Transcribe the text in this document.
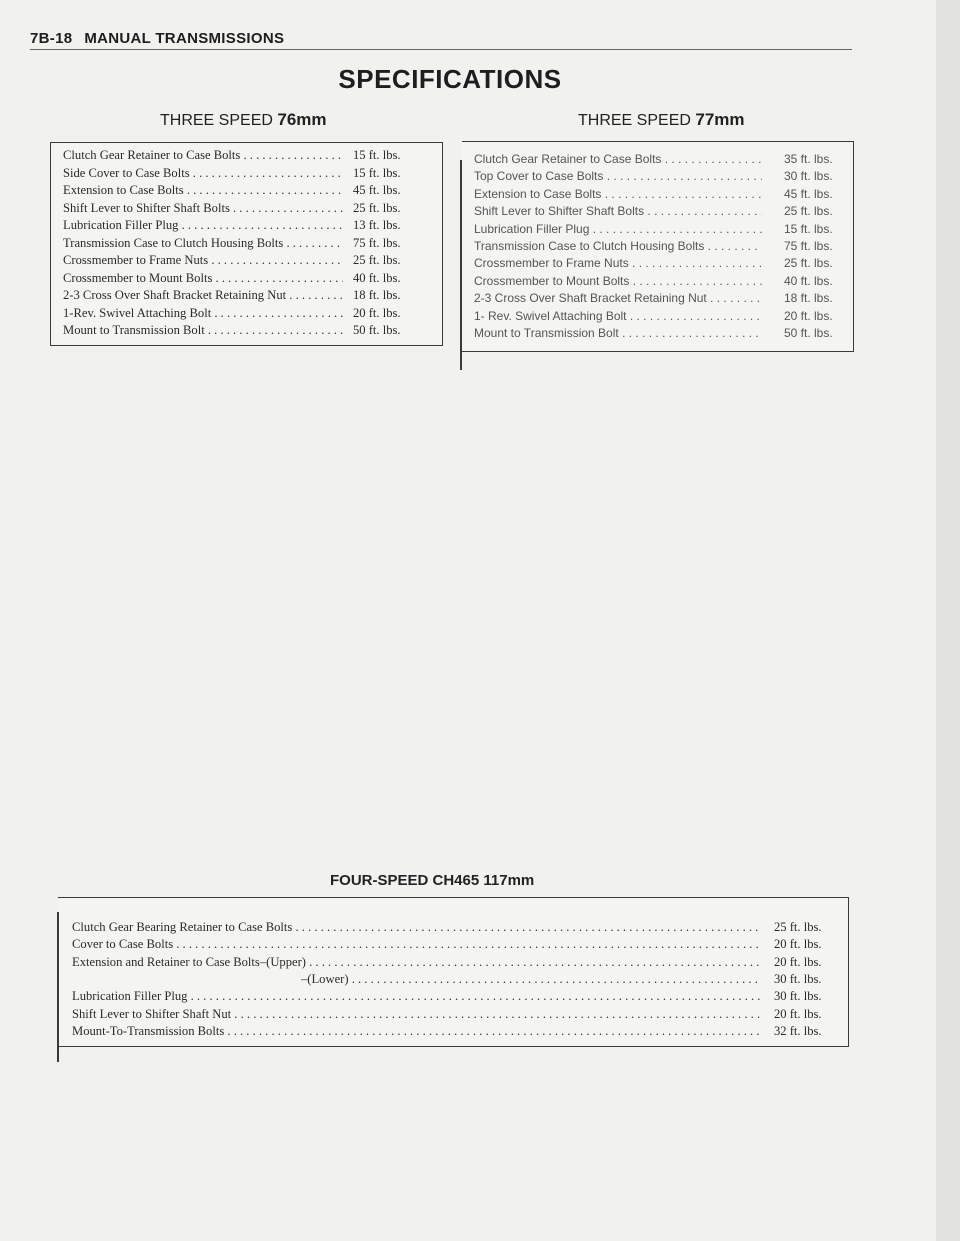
7B-18 MANUAL TRANSMISSIONS
SPECIFICATIONS
THREE SPEED 76mm	THREE SPEED 77mm
Clutch Gear Retainer to Case Bolts . . .	15 ft. lbs.
Side Cover to Case Bolts . . .	15 ft. lbs.
Extension to Case Bolts . . .	45 ft. lbs.
Shift Lever to Shifter Shaft Bolts . . .	25 ft. lbs.
Lubrication Filler Plug . . .	13 ft. lbs.
Transmission Case to Clutch Housing Bolts . . .	75 ft. lbs.
Crossmember to Frame Nuts . . .	25 ft. lbs.
Crossmember to Mount Bolts . . .	40 ft. lbs.
2-3 Cross Over Shaft Bracket Retaining Nut . . .	18 ft. lbs.
1-Rev. Swivel Attaching Bolt . . .	20 ft. lbs.
Mount to Transmission Bolt . . .	50 ft. lbs.
Clutch Gear Retainer to Case Bolts . . .	35 ft. lbs.
Top Cover to Case Bolts . . .	30 ft. lbs.
Extension to Case Bolts . . .	45 ft. lbs.
Shift Lever to Shifter Shaft Bolts . . .	25 ft. lbs.
Lubrication Filler Plug . . .	15 ft. lbs.
Transmission Case to Clutch Housing Bolts . . .	75 ft. lbs.
Crossmember to Frame Nuts . . .	25 ft. lbs.
Crossmember to Mount Bolts . . .	40 ft. lbs.
2-3 Cross Over Shaft Bracket Retaining Nut . . .	18 ft. lbs.
1- Rev. Swivel Attaching Bolt . . .	20 ft. lbs.
Mount to Transmission Bolt . . .	50 ft. lbs.
FOUR-SPEED CH465 117mm
Clutch Gear Bearing Retainer to Case Bolts . . .	25 ft. lbs.
Cover to Case Bolts . . .	20 ft. lbs.
Extension and Retainer to Case Bolts–(Upper) . . .	20 ft. lbs.
–(Lower) . . .	30 ft. lbs.
Lubrication Filler Plug . . .	30 ft. lbs.
Shift Lever to Shifter Shaft Nut . . .	20 ft. lbs.
Mount-To-Transmission Bolts . . .	32 ft. lbs.
